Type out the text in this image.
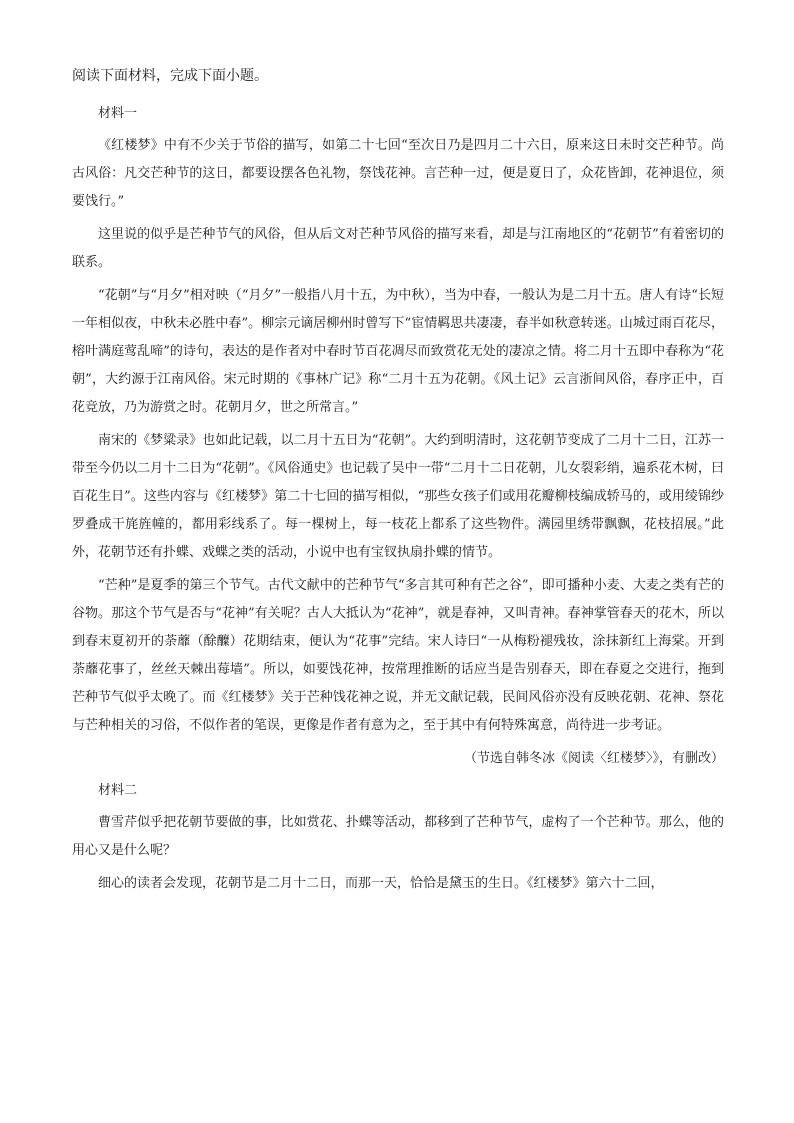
阅读下面材料，完成下面小题。
材料一

《红楼梦》中有不少关于节俗的描写，如第二十七回“至次日乃是四月二十六日，原来这日未时交芒种节。尚古风俗：凡交芒种节的这日，都要设摆各色礼物，祭饯花神。言芒种一过，便是夏日了，众花皆卸，花神退位，须要饯行。”

这里说的似乎是芒种节气的风俗，但从后文对芒种节风俗的描写来看，却是与江南地区的“花朝节”有着密切的联系。

“花朝”与“月夕”相对映（“月夕”一般指八月十五，为中秋），当为中春，一般认为是二月十五。唐人有诗“长短一年相似夜，中秋未必胜中春”。柳宗元谪居柳州时曾写下“宦情羁思共凄凄，春半如秋意转迷。山城过雨百花尽，榕叶满庭莺乱啼”的诗句，表达的是作者对中春时节百花凋尽而致赏花无处的凄凉之情。将二月十五即中春称为“花朝”，大约源于江南风俗。宋元时期的《事林广记》称“二月十五为花朝。《风土记》云言浙间风俗，春序正中，百花竞放，乃为游赏之时。花朝月夕，世之所常言。”

南宋的《梦粱录》也如此记载，以二月十五日为“花朝”。大约到明清时，这花朝节变成了二月十二日，江苏一带至今仍以二月十二日为“花朝”。《风俗通史》也记载了吴中一带“二月十二日花朝，儿女裂彩绡，遍系花木树，曰百花生日”。这些内容与《红楼梦》第二十七回的描写相似，“那些女孩子们或用花瓣柳枝编成轿马的，或用绫锦纱罗叠成干旄旌幢的，都用彩线系了。每一棵树上，每一枝花上都系了这些物件。满园里绣带飘飘，花枝招展。”此外，花朝节还有扑蝶、戏蝶之类的活动，小说中也有宝钗执扇扑蝶的情节。

“芒种”是夏季的第三个节气。古代文献中的芒种节气“多言其可种有芒之谷”，即可播种小麦、大麦之类有芒的谷物。那这个节气是否与“花神”有关呢？古人大抵认为“花神”，就是春神，又叫青神。春神掌管春天的花木，所以到春末夏初开的荼蘼（酴醾）花期结束，便认为“花事”完结。宋人诗曰“一从梅粉褪残妆，涂抹新红上海棠。开到荼蘼花事了，丝丝天棘出莓墙”。所以，如要饯花神，按常理推断的话应当是告别春天，即在春夏之交进行，拖到芒种节气似乎太晚了。而《红楼梦》关于芒种饯花神之说，并无文献记载，民间风俗亦没有反映花朝、花神、祭花与芒种相关的习俗，不似作者的笔误，更像是作者有意为之，至于其中有何特殊寓意，尚待进一步考证。

（节选自韩冬冰《阅读〈红楼梦〉》，有删改）

材料二

曹雪芹似乎把花朝节要做的事，比如赏花、扑蝶等活动，都移到了芒种节气，虚构了一个芒种节。那么，他的用心又是什么呢？

细心的读者会发现，花朝节是二月十二日，而那一天，恰恰是黛玉的生日。《红楼梦》第六十二回，
